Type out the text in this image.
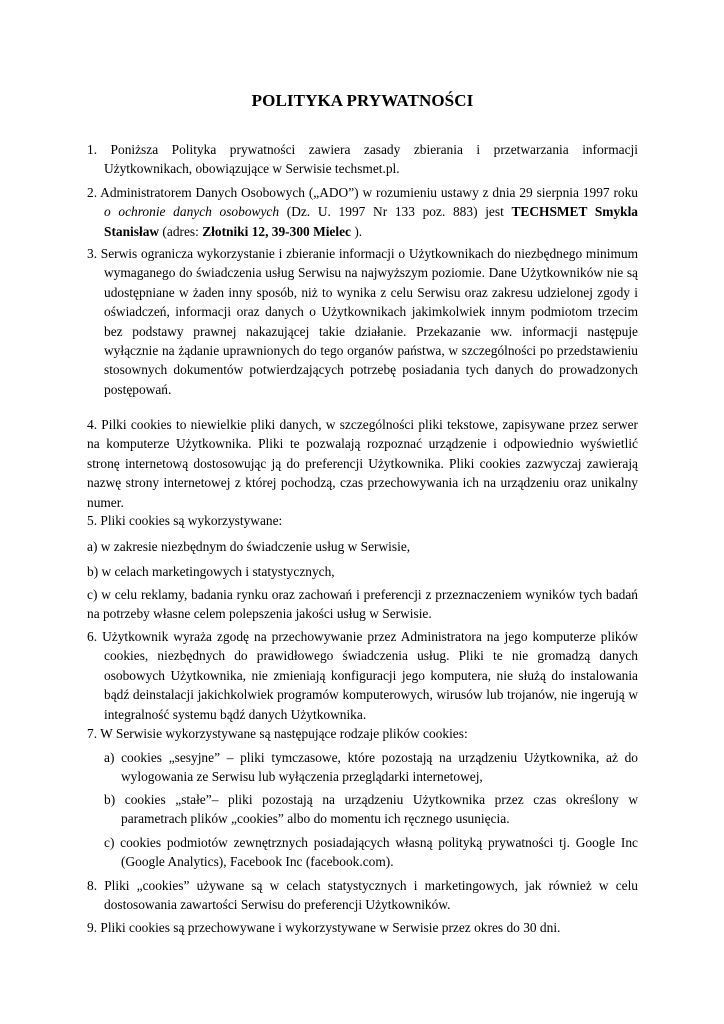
POLITYKA PRYWATNOŚCI
1. Poniższa Polityka prywatności zawiera zasady zbierania i przetwarzania informacji Użytkownikach, obowiązujące w Serwisie techsmet.pl.
2. Administratorem Danych Osobowych („ADO”) w rozumieniu ustawy z dnia 29 sierpnia 1997 roku o ochronie danych osobowych (Dz. U. 1997 Nr 133 poz. 883) jest TECHSMET Smykla Stanisław (adres: Złotniki 12, 39-300 Mielec ).
3. Serwis ogranicza wykorzystanie i zbieranie informacji o Użytkownikach do niezbędnego minimum wymaganego do świadczenia usług Serwisu na najwyższym poziomie. Dane Użytkowników nie są udostępniane w żaden inny sposób, niż to wynika z celu Serwisu oraz zakresu udzielonej zgody i oświadczeń, informacji oraz danych o Użytkownikach jakimkolwiek innym podmiotom trzecim bez podstawy prawnej nakazującej takie działanie. Przekazanie ww. informacji następuje wyłącznie na żądanie uprawnionych do tego organów państwa, w szczególności po przedstawieniu stosownych dokumentów potwierdzających potrzebę posiadania tych danych do prowadzonych postępowań.
4. Pilki cookies to niewielkie pliki danych, w szczególności pliki tekstowe, zapisywane przez serwer na komputerze Użytkownika. Pliki te pozwalają rozpoznać urządzenie i odpowiednio wyświetlić stronę internetową dostosowując ją do preferencji Użytkownika. Pliki cookies zazwyczaj zawierają nazwę strony internetowej z której pochodzą, czas przechowywania ich na urządzeniu oraz unikalny numer.
5. Pliki cookies są wykorzystywane:
a) w zakresie niezbędnym do świadczenie usług w Serwisie,
b) w celach marketingowych i statystycznych,
c) w celu reklamy, badania rynku oraz zachowań i preferencji z przeznaczeniem wyników tych badań na potrzeby własne celem polepszenia jakości usług w Serwisie.
6. Użytkownik wyraża zgodę na przechowywanie przez Administratora na jego komputerze plików cookies, niezbędnych do prawidłowego świadczenia usług. Pliki te nie gromadzą danych osobowych Użytkownika, nie zmieniają konfiguracji jego komputera, nie służą do instalowania bądź deinstalacji jakichkolwiek programów komputerowych, wirusów lub trojanów, nie ingerują w integralność systemu bądź danych Użytkownika.
7. W Serwisie wykorzystywane są następujące rodzaje plików cookies:
a) cookies „sesyjne” – pliki tymczasowe, które pozostają na urządzeniu Użytkownika, aż do wylogowania ze Serwisu lub wyłączenia przeglądarki internetowej,
b) cookies „stałe”– pliki pozostają na urządzeniu Użytkownika przez czas określony w parametrach plików „cookies” albo do momentu ich ręcznego usunięcia.
c) cookies podmiotów zewnętrznych posiadających własną polityką prywatności tj. Google Inc (Google Analytics), Facebook Inc (facebook.com).
8. Pliki „cookies” używane są w celach statystycznych i marketingowych, jak również w celu dostosowania zawartości Serwisu do preferencji Użytkowników.
9. Pliki cookies są przechowywane i wykorzystywane w Serwisie przez okres do 30 dni.
